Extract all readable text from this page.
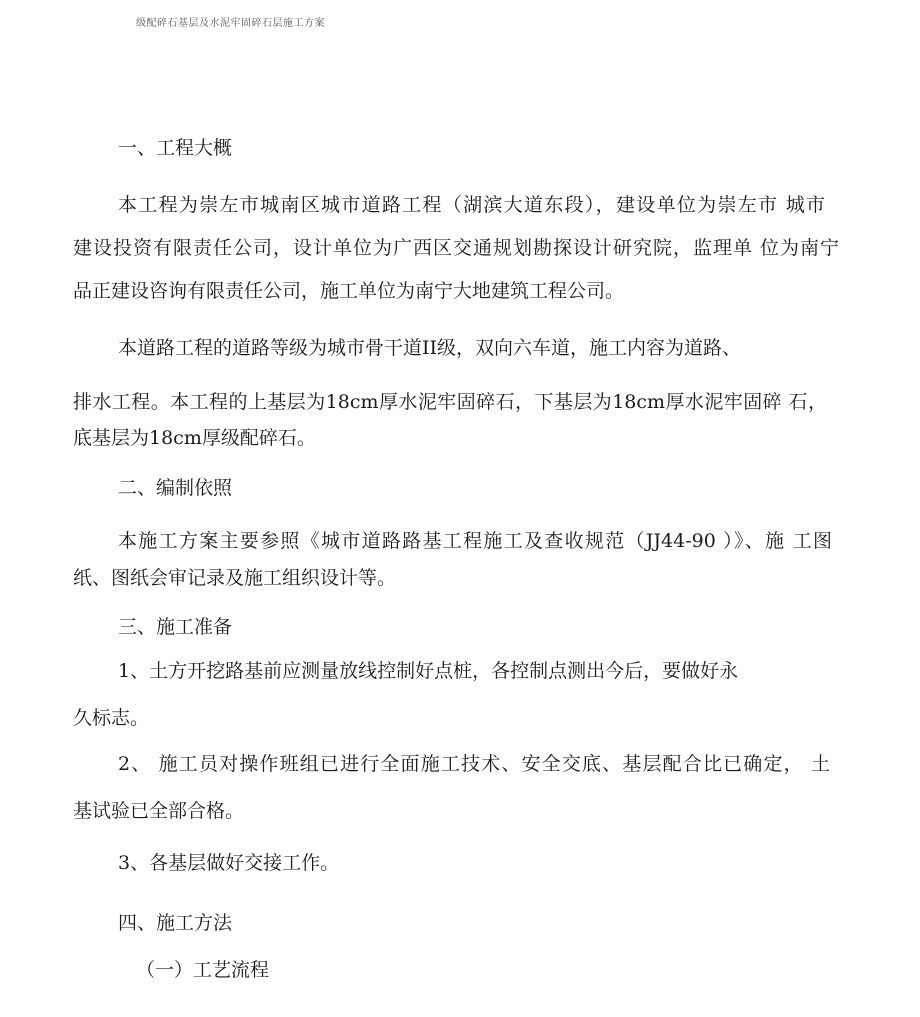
级配碎石基层及水泥牢固碎石层施工方案
一、工程大概
本工程为崇左市城南区城市道路工程（湖滨大道东段），建设单位为崇左市 城市
建设投资有限责任公司，设计单位为广西区交通规划勘探设计研究院，监理单 位为南宁
品正建设咨询有限责任公司，施工单位为南宁大地建筑工程公司。
本道路工程的道路等级为城市骨干道II级，双向六车道，施工内容为道路、
排水工程。本工程的上基层为18cm厚水泥牢固碎石，下基层为18cm厚水泥牢固碎 石，
底基层为18cm厚级配碎石。
二、编制依照
本施工方案主要参照《城市道路路基工程施工及查收规范（JJ44-90 ）》、施 工图
纸、图纸会审记录及施工组织设计等。
三、施工准备
1、土方开挖路基前应测量放线控制好点桩，各控制点测出今后，要做好永
久标志。
2、 施工员对操作班组已进行全面施工技术、安全交底、基层配合比已确定， 土
基试验已全部合格。
3、各基层做好交接工作。
四、施工方法
（一）工艺流程
